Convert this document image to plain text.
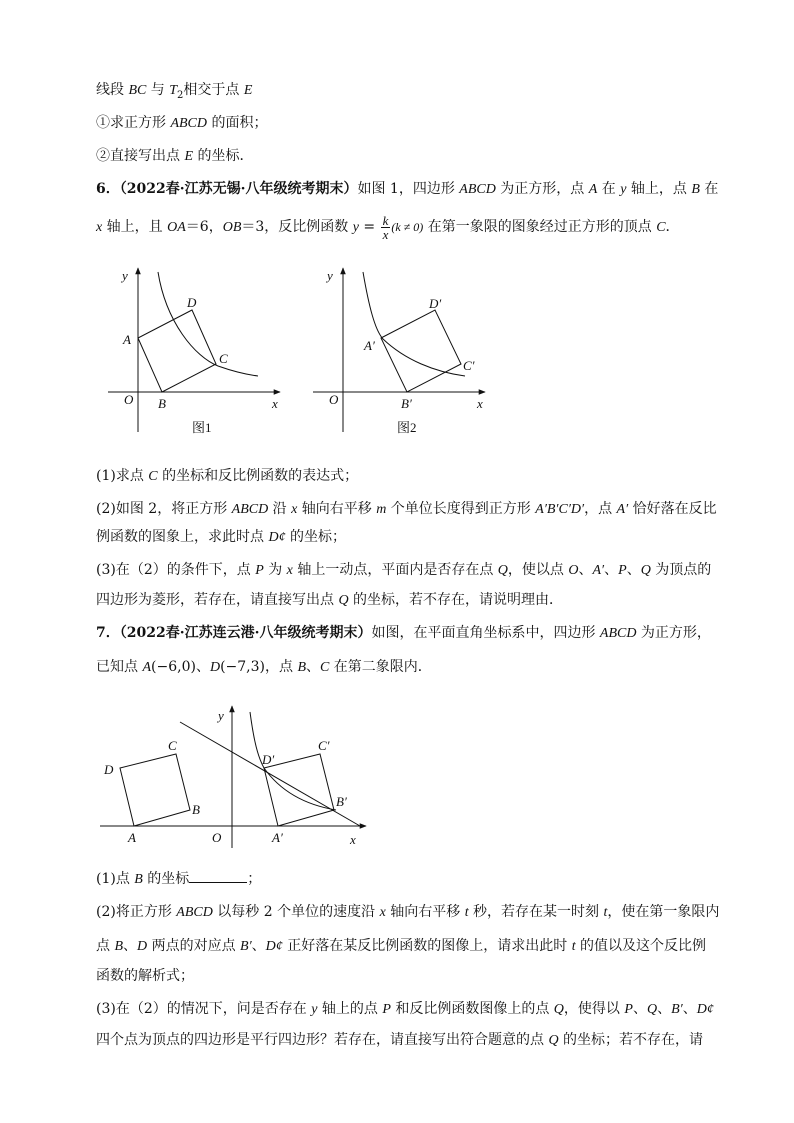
线段 BC 与 $T_2$相交于点 E
①求正方形 ABCD 的面积；
②直接写出点 E 的坐标．
6．（2022春·江苏无锡·八年级统考期末）如图 1，四边形 ABCD 为正方形，点 A 在 y 轴上，点 B 在
x 轴上，且 OA＝6，OB＝3，反比例函数 $y = \frac{k}{x} (k \ne 0)$ 在第一象限的图象经过正方形的顶点 C．
y
x
O
A
B
C
D
图1
y
x
O
A′
B′
C′
D′
图2
(1)求点 C 的坐标和反比例函数的表达式；
(2)如图 2，将正方形 ABCD 沿 x 轴向右平移 m 个单位长度得到正方形 A′B′C′D′，点 A′ 恰好落在反比
例函数的图象上，求此时点 D¢ 的坐标；
(3)在（2）的条件下，点 P 为 x 轴上一动点，平面内是否存在点 Q，使以点 O、A′、P、Q 为顶点的
四边形为菱形，若存在，请直接写出点 Q 的坐标，若不存在，请说明理由．
7．（2022春·江苏连云港·八年级统考期末）如图，在平面直角坐标系中，四边形 ABCD 为正方形，
已知点 A(−6,0)、D(−7,3)，点 B、C 在第二象限内．
y
x
O
A
B
C
D
A′
B′
C′
D′
(1)点 B 的坐标	；
(2)将正方形 ABCD 以每秒 2 个单位的速度沿 x 轴向右平移 t 秒，若存在某一时刻 t，使在第一象限内
点 B、D 两点的对应点 B′、D¢ 正好落在某反比例函数的图像上，请求出此时 t 的值以及这个反比例
函数的解析式；
(3)在（2）的情况下，问是否存在 y 轴上的点 P 和反比例函数图像上的点 Q，使得以 P、Q、B′、D¢
四个点为顶点的四边形是平行四边形？若存在，请直接写出符合题意的点 Q 的坐标；若不存在，请
